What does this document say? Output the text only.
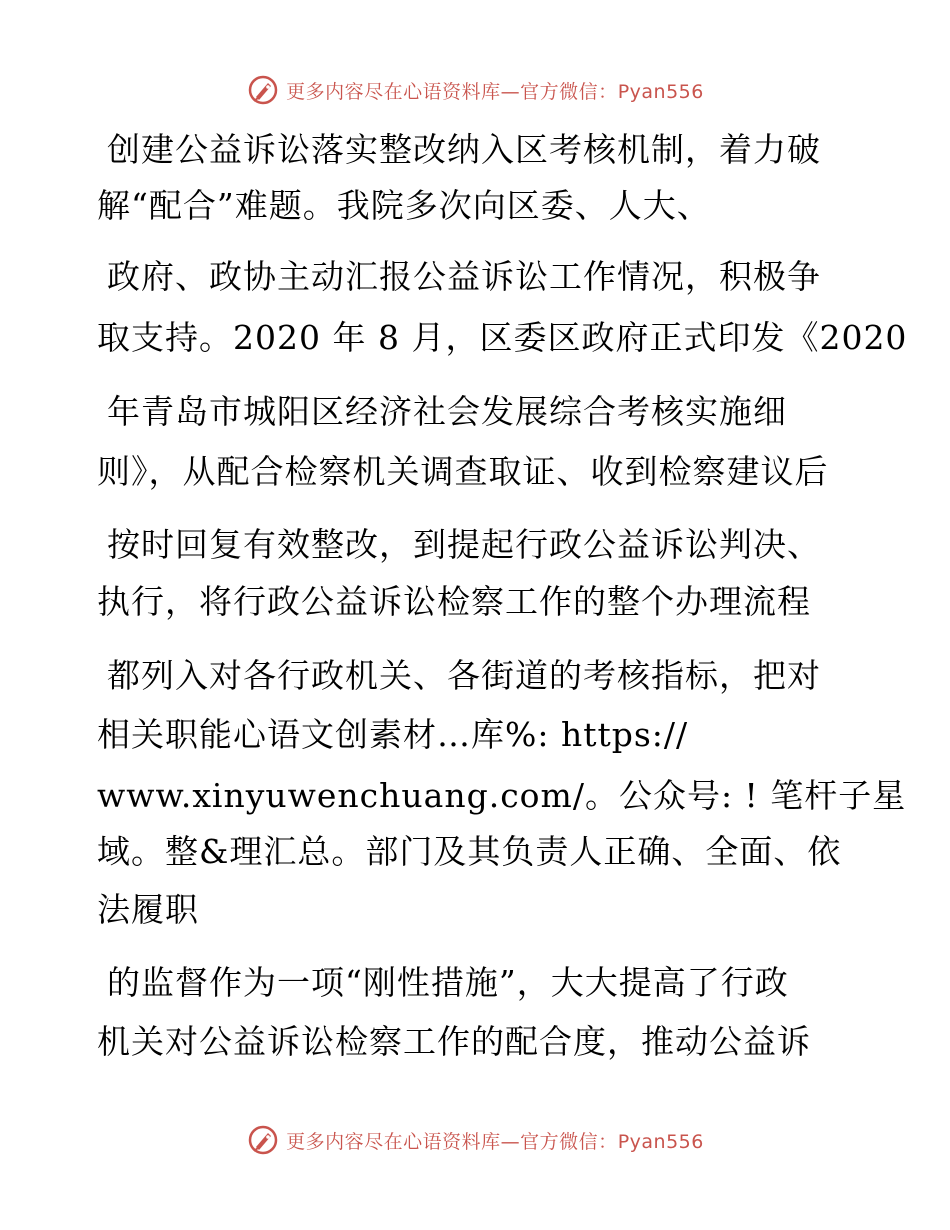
更多内容尽在心语资料库—官方微信：Pyan556
创建公益诉讼落实整改纳入区考核机制，着力破
解“配合”难题。我院多次向区委、人大、
政府、政协主动汇报公益诉讼工作情况，积极争
取支持。2020 年 8 月，区委区政府正式印发《2020
年青岛市城阳区经济社会发展综合考核实施细
则》，从配合检察机关调查取证、收到检察建议后
按时回复有效整改，到提起行政公益诉讼判决、
执行，将行政公益诉讼检察工作的整个办理流程
都列入对各行政机关、各街道的考核指标，把对
相关职能心语文创素材…库%: https://
www.xinyuwenchuang.com/。公众号: ! 笔杆子星
域。整&理汇总。部门及其负责人正确、全面、依
法履职
的监督作为一项“刚性措施”，大大提高了行政
机关对公益诉讼检察工作的配合度，推动公益诉
更多内容尽在心语资料库—官方微信：Pyan556
